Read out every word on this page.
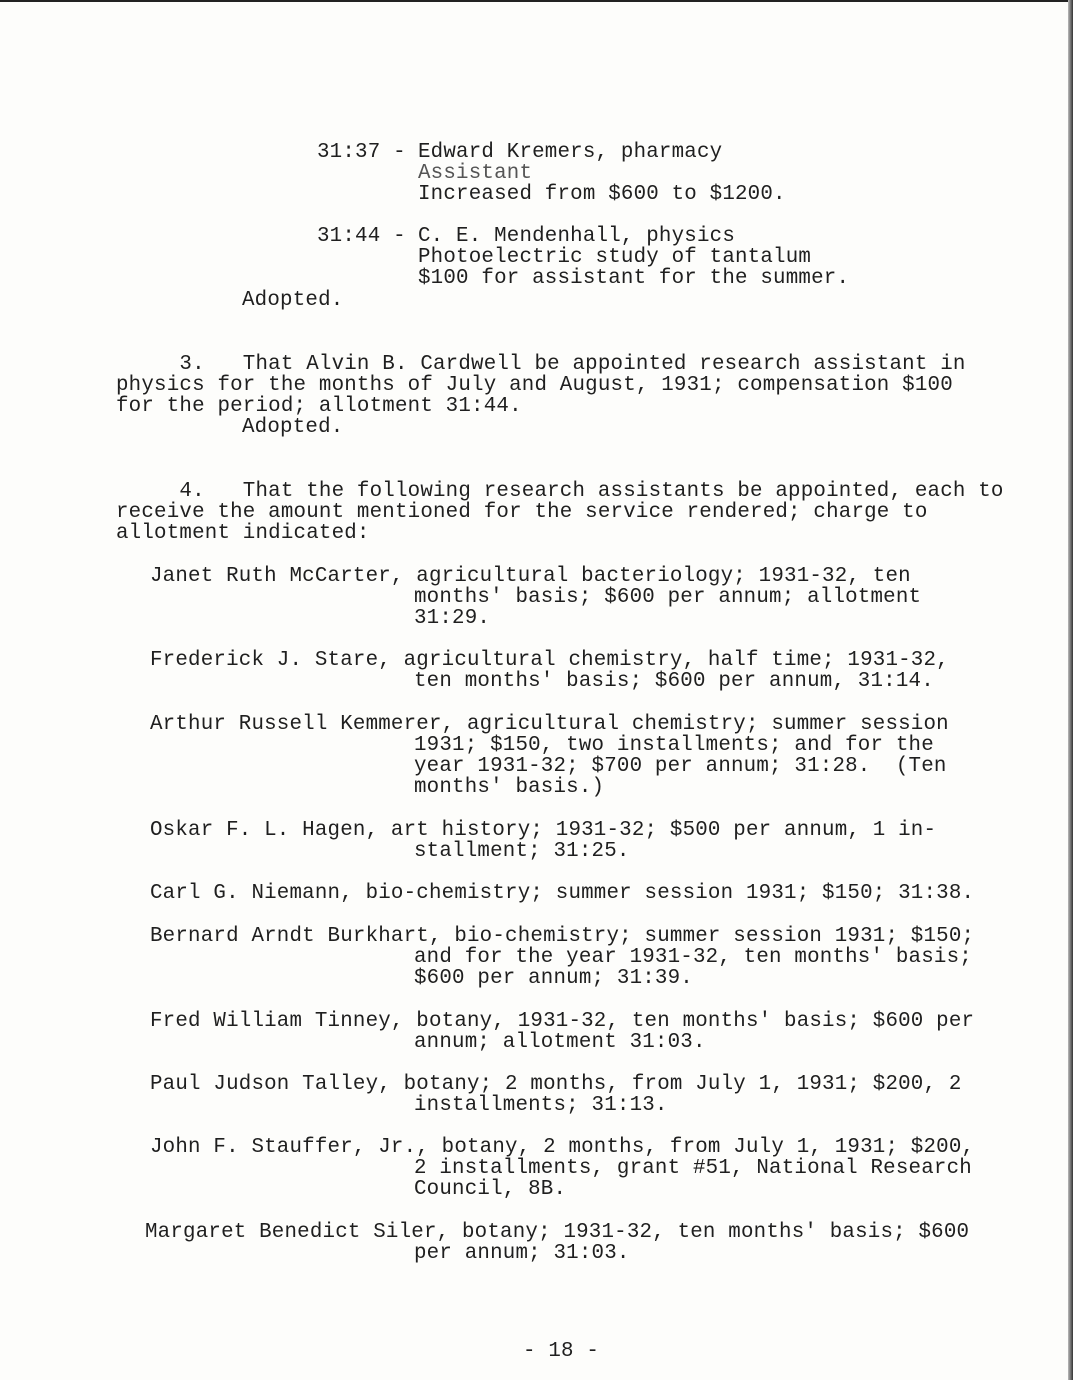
31:37 - Edward Kremers, pharmacy
Assistant
Increased from $600 to $1200.
31:44 - C. E. Mendenhall, physics
Photoelectric study of tantalum
$100 for assistant for the summer.
Adopted.
3.   That Alvin B. Cardwell be appointed research assistant in
physics for the months of July and August, 1931; compensation $100
for the period; allotment 31:44.
Adopted.
4.   That the following research assistants be appointed, each to
receive the amount mentioned for the service rendered; charge to
allotment indicated:
Janet Ruth McCarter, agricultural bacteriology; 1931-32, ten
months' basis; $600 per annum; allotment
31:29.
Frederick J. Stare, agricultural chemistry, half time; 1931-32,
ten months' basis; $600 per annum, 31:14.
Arthur Russell Kemmerer, agricultural chemistry; summer session
1931; $150, two installments; and for the
year 1931-32; $700 per annum; 31:28.  (Ten
months' basis.)
Oskar F. L. Hagen, art history; 1931-32; $500 per annum, 1 in-
stallment; 31:25.
Carl G. Niemann, bio-chemistry; summer session 1931; $150; 31:38.
Bernard Arndt Burkhart, bio-chemistry; summer session 1931; $150;
and for the year 1931-32, ten months' basis;
$600 per annum; 31:39.
Fred William Tinney, botany, 1931-32, ten months' basis; $600 per
annum; allotment 31:03.
Paul Judson Talley, botany; 2 months, from July 1, 1931; $200, 2
installments; 31:13.
John F. Stauffer, Jr., botany, 2 months, from July 1, 1931; $200,
2 installments, grant #51, National Research
Council, 8B.
Margaret Benedict Siler, botany; 1931-32, ten months' basis; $600
per annum; 31:03.
- 18 -
